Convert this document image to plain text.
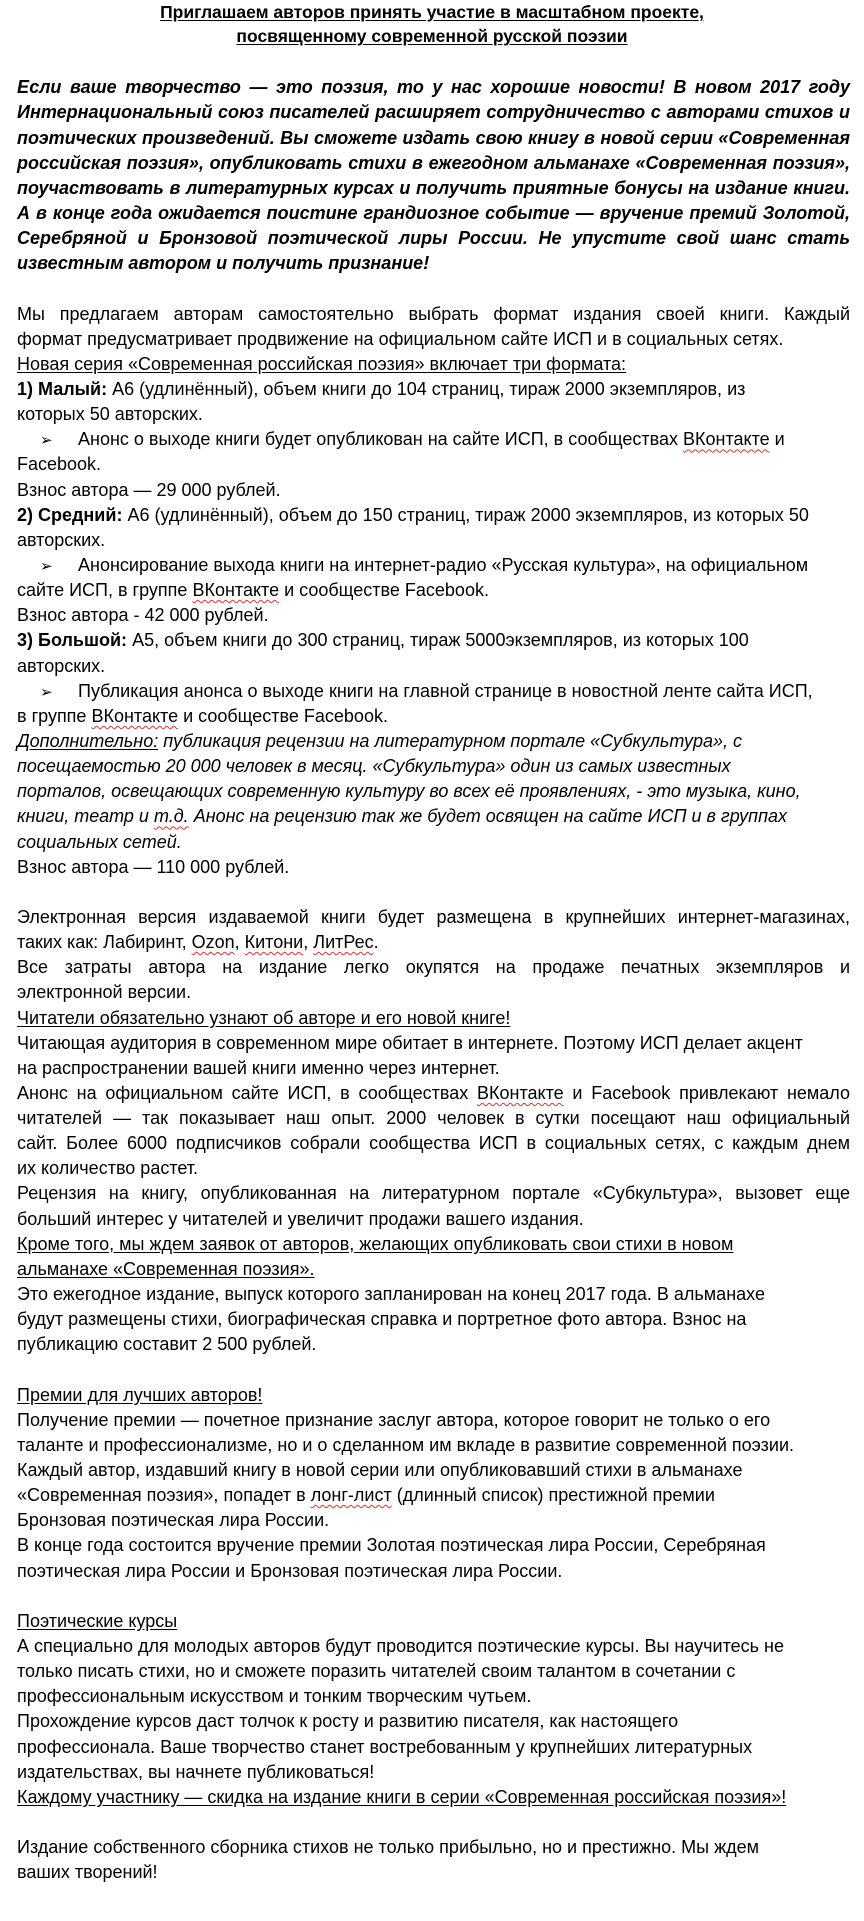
Приглашаем авторов принять участие в масштабном проекте,
посвященному современной русской поэзии
Если ваше творчество — это поэзия, то у нас хорошие новости! В новом 2017 году
Интернациональный союз писателей расширяет сотрудничество с авторами стихов и
поэтических произведений. Вы сможете издать свою книгу в новой серии «Современная
российская поэзия», опубликовать стихи в ежегодном альманахе «Современная поэзия»,
поучаствовать в литературных курсах и получить приятные бонусы на издание книги.
А в конце года ожидается поистине грандиозное событие — вручение премий Золотой,
Серебряной и Бронзовой поэтической лиры России. Не упустите свой шанс стать
известным автором и получить признание!
Мы предлагаем авторам самостоятельно выбрать формат издания своей книги. Каждый
формат предусматривает продвижение на официальном сайте ИСП и в социальных сетях.
Новая серия «Современная российская поэзия» включает три формата:
1) Малый: А6 (удлинённый), объем книги до 104 страниц, тираж 2000 экземпляров, из
которых 50 авторских.
➢ Анонс о выходе книги будет опубликован на сайте ИСП, в сообществах ВКонтакте и
Facebook.
Взнос автора — 29 000 рублей.
2) Средний: А6 (удлинённый), объем до 150 страниц, тираж 2000 экземпляров, из которых 50
авторских.
➢ Анонсирование выхода книги на интернет-радио «Русская культура», на официальном
сайте ИСП, в группе ВКонтакте и сообществе Facebook.
Взнос автора - 42 000 рублей.
3) Большой: А5, объем книги до 300 страниц, тираж 5000экземпляров, из которых 100
авторских.
➢ Публикация анонса о выходе книги на главной странице в новостной ленте сайта ИСП,
в группе ВКонтакте и сообществе Facebook.
Дополнительно: публикация рецензии на литературном портале «Субкультура», с
посещаемостью 20 000 человек в месяц. «Субкультура» один из самых известных
порталов, освещающих современную культуру во всех её проявлениях, - это музыка, кино,
книги, театр и т.д. Анонс на рецензию так же будет освящен на сайте ИСП и в группах
социальных сетей.
Взнос автора — 110 000 рублей.
Электронная версия издаваемой книги будет размещена в крупнейших интернет-магазинах,
таких как: Лабиринт, Ozon, Китони, ЛитРес.
Все затраты автора на издание легко окупятся на продаже печатных экземпляров и
электронной версии.
Читатели обязательно узнают об авторе и его новой книге!
Читающая аудитория в современном мире обитает в интернете. Поэтому ИСП делает акцент
на распространении вашей книги именно через интернет.
Анонс на официальном сайте ИСП, в сообществах ВКонтакте и Facebook привлекают немало
читателей — так показывает наш опыт. 2000 человек в сутки посещают наш официальный
сайт. Более 6000 подписчиков собрали сообщества ИСП в социальных сетях, с каждым днем
их количество растет.
Рецензия на книгу, опубликованная на литературном портале «Субкультура», вызовет еще
больший интерес у читателей и увеличит продажи вашего издания.
Кроме того, мы ждем заявок от авторов, желающих опубликовать свои стихи в новом
альманахе «Современная поэзия».
Это ежегодное издание, выпуск которого запланирован на конец 2017 года. В альманахе
будут размещены стихи, биографическая справка и портретное фото автора. Взнос на
публикацию составит 2 500 рублей.
Премии для лучших авторов!
Получение премии — почетное признание заслуг автора, которое говорит не только о его
таланте и профессионализме, но и о сделанном им вкладе в развитие современной поэзии.
Каждый автор, издавший книгу в новой серии или опубликовавший стихи в альманахе
«Современная поэзия», попадет в лонг-лист (длинный список) престижной премии
Бронзовая поэтическая лира России.
В конце года состоится вручение премии Золотая поэтическая лира России, Серебряная
поэтическая лира России и Бронзовая поэтическая лира России.
Поэтические курсы
А специально для молодых авторов будут проводится поэтические курсы. Вы научитесь не
только писать стихи, но и сможете поразить читателей своим талантом в сочетании с
профессиональным искусством и тонким творческим чутьем.
Прохождение курсов даст толчок к росту и развитию писателя, как настоящего
профессионала. Ваше творчество станет востребованным у крупнейших литературных
издательствах, вы начнете публиковаться!
Каждому участнику — скидка на издание книги в серии «Современная российская поэзия»!
Издание собственного сборника стихов не только прибыльно, но и престижно. Мы ждем
ваших творений!
